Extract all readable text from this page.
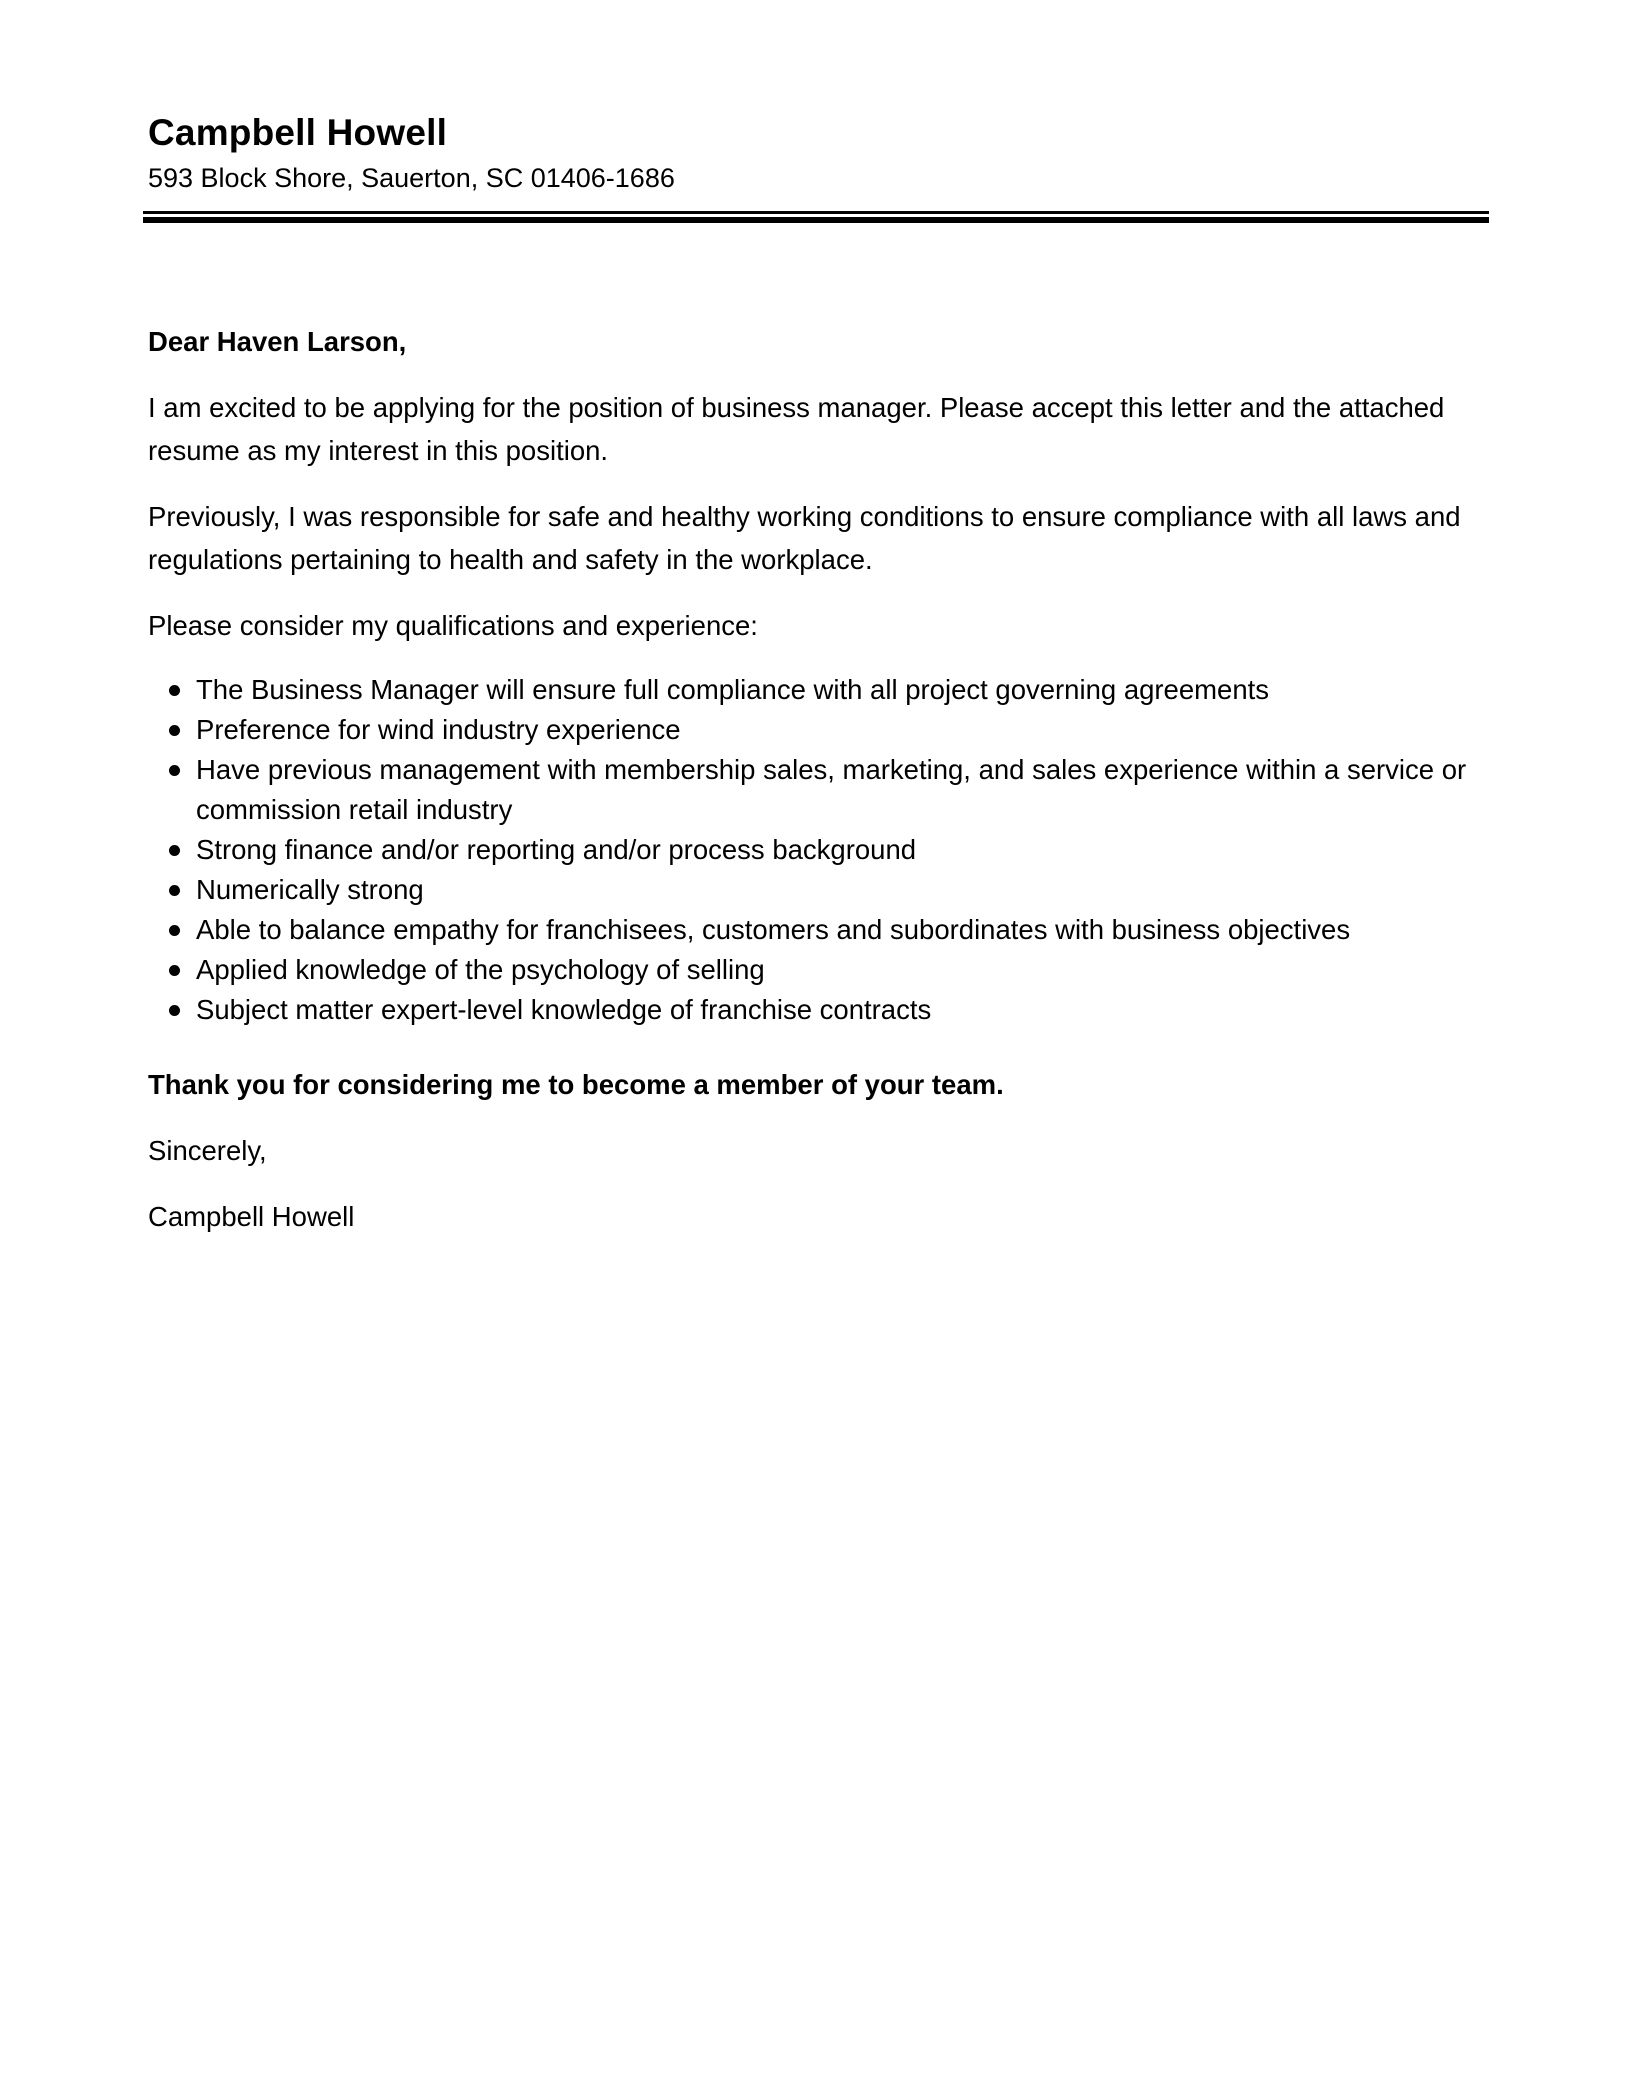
Campbell Howell

593 Block Shore, Sauerton, SC 01406-1686

Dear Haven Larson,

I am excited to be applying for the position of business manager. Please accept this letter and the attached resume as my interest in this position.

Previously, I was responsible for safe and healthy working conditions to ensure compliance with all laws and regulations pertaining to health and safety in the workplace.

Please consider my qualifications and experience:

The Business Manager will ensure full compliance with all project governing agreements
Preference for wind industry experience
Have previous management with membership sales, marketing, and sales experience within a service or commission retail industry
Strong finance and/or reporting and/or process background
Numerically strong
Able to balance empathy for franchisees, customers and subordinates with business objectives
Applied knowledge of the psychology of selling
Subject matter expert-level knowledge of franchise contracts

Thank you for considering me to become a member of your team.

Sincerely,

Campbell Howell
